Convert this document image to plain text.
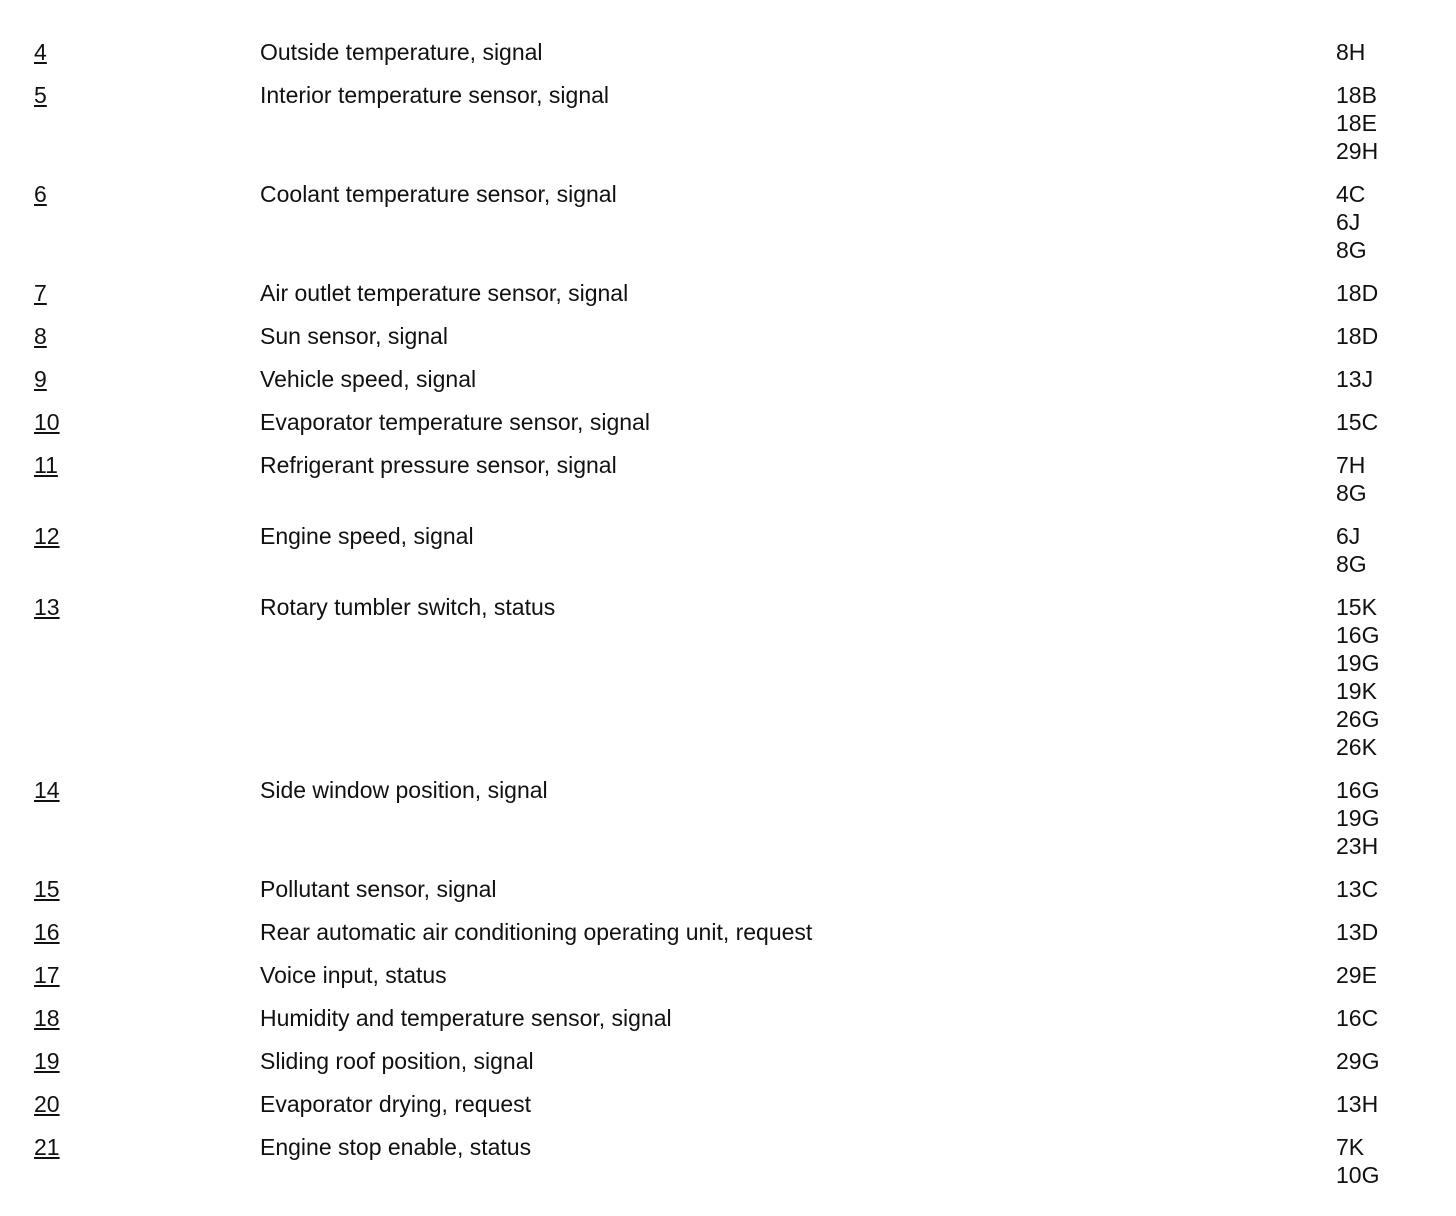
4	Outside temperature, signal	8H
5	Interior temperature sensor, signal	18B
18E
29H
6	Coolant temperature sensor, signal	4C
6J
8G
7	Air outlet temperature sensor, signal	18D
8	Sun sensor, signal	18D
9	Vehicle speed, signal	13J
10	Evaporator temperature sensor, signal	15C
11	Refrigerant pressure sensor, signal	7H
8G
12	Engine speed, signal	6J
8G
13	Rotary tumbler switch, status	15K
16G
19G
19K
26G
26K
14	Side window position, signal	16G
19G
23H
15	Pollutant sensor, signal	13C
16	Rear automatic air conditioning operating unit, request	13D
17	Voice input, status	29E
18	Humidity and temperature sensor, signal	16C
19	Sliding roof position, signal	29G
20	Evaporator drying, request	13H
21	Engine stop enable, status	7K
10G
